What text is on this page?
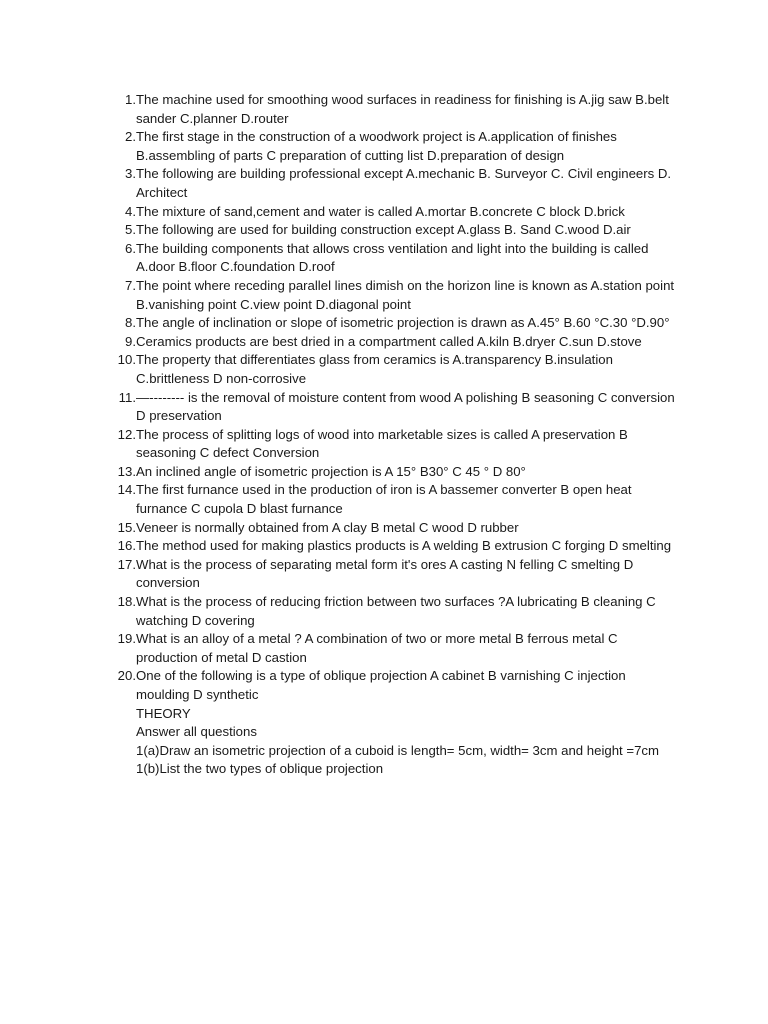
1. The machine used for smoothing wood surfaces in readiness for finishing is A.jig saw B.belt sander C.planner D.router
2. The first stage in the construction of a woodwork project is A.application of finishes B.assembling of parts C preparation of cutting list D.preparation of design
3. The following are building professional except A.mechanic B. Surveyor C. Civil engineers D. Architect
4. The mixture of sand,cement and water is called A.mortar B.concrete C block D.brick
5. The following are used for building construction except A.glass B. Sand C.wood D.air
6. The building components that allows cross ventilation and light into the building is called A.door B.floor C.foundation D.roof
7. The point where receding parallel lines dimish on the horizon line is known as A.station point B.vanishing point C.view point D.diagonal point
8. The angle of inclination or slope of isometric projection is drawn as A.45° B.60 °C.30 °D.90°
9. Ceramics products are best dried in a compartment called A.kiln B.dryer C.sun D.stove
10. The property that differentiates glass from ceramics is A.transparency B.insulation C.brittleness D non-corrosive
11. —-------- is the removal of moisture content from wood A polishing B seasoning C conversion D preservation
12. The process of splitting logs of wood into marketable sizes is called A preservation B seasoning C defect Conversion
13. An inclined angle of isometric projection is A 15° B30° C 45 ° D 80°
14. The first furnance used in the production of iron is A bassemer converter B open heat furnance C cupola D blast furnance
15. Veneer is normally obtained from A clay B metal C wood D rubber
16. The method used for making plastics products is A welding B extrusion C forging D smelting
17. What is the process of separating metal form it's ores A casting N felling C smelting D conversion
18. What is the process of reducing friction between two surfaces ?A lubricating B cleaning C watching D covering
19. What is an alloy of a metal ? A combination of two or more metal B ferrous metal C production of metal D castion
20. One of the following is a type of oblique projection A cabinet B varnishing C injection moulding D synthetic
THEORY
Answer all questions
1(a)Draw an isometric projection of a cuboid is length= 5cm, width= 3cm and height =7cm
1(b)List the two types of oblique projection
